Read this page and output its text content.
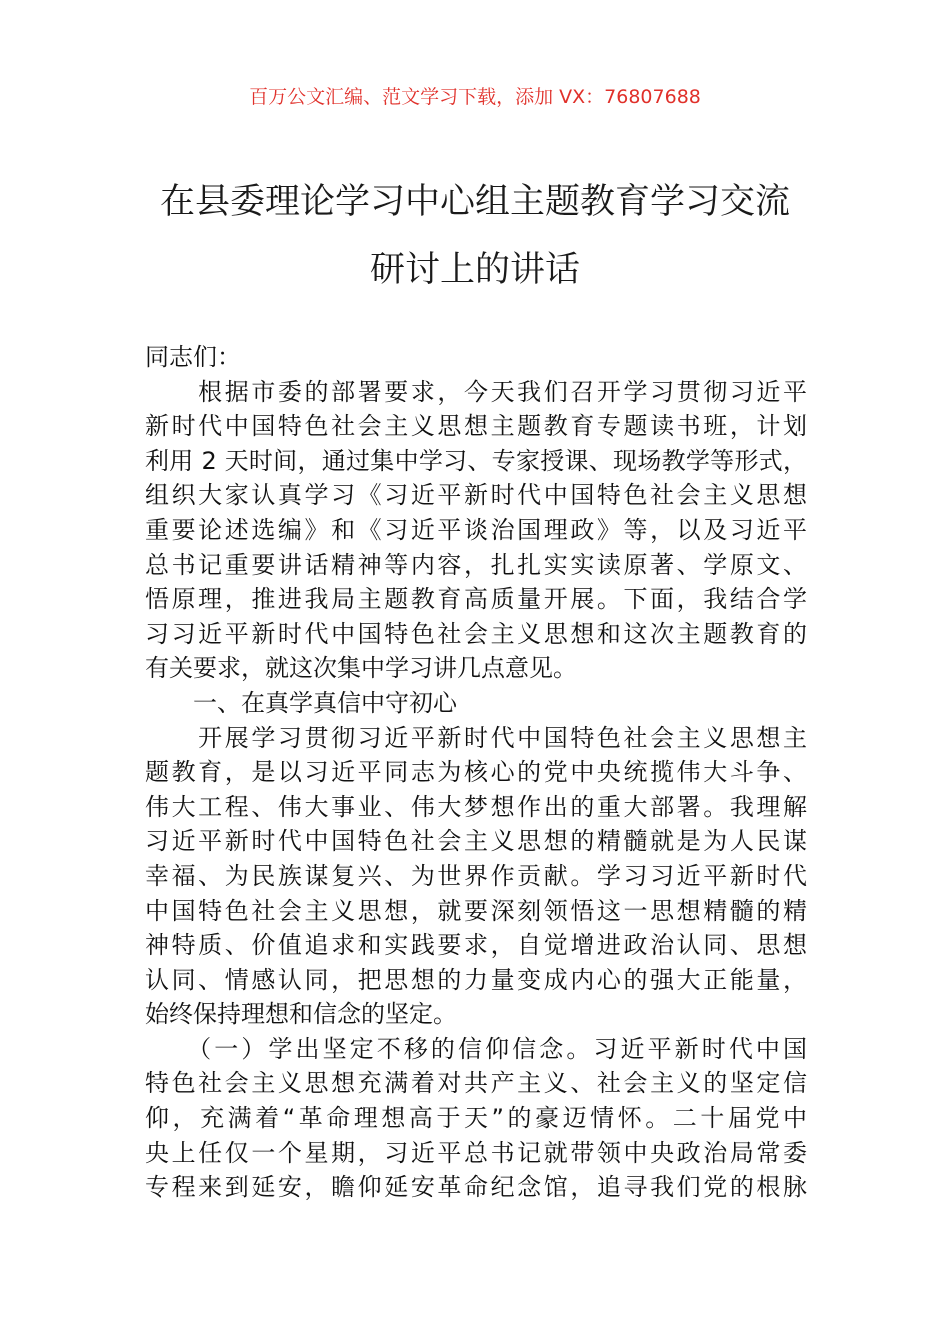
百万公文汇编、范文学习下载，添加 VX：76807688
在县委理论学习中心组主题教育学习交流
研讨上的讲话
同志们：
　　根据市委的部署要求，今天我们召开学习贯彻习近平
新时代中国特色社会主义思想主题教育专题读书班，计划
利用 2 天时间，通过集中学习、专家授课、现场教学等形式，
组织大家认真学习《习近平新时代中国特色社会主义思想
重要论述选编》和《习近平谈治国理政》等，以及习近平
总书记重要讲话精神等内容，扎扎实实读原著、学原文、
悟原理，推进我局主题教育高质量开展。下面，我结合学
习习近平新时代中国特色社会主义思想和这次主题教育的
有关要求，就这次集中学习讲几点意见。
　　一、在真学真信中守初心
　　开展学习贯彻习近平新时代中国特色社会主义思想主
题教育，是以习近平同志为核心的党中央统揽伟大斗争、
伟大工程、伟大事业、伟大梦想作出的重大部署。我理解
习近平新时代中国特色社会主义思想的精髓就是为人民谋
幸福、为民族谋复兴、为世界作贡献。学习习近平新时代
中国特色社会主义思想，就要深刻领悟这一思想精髓的精
神特质、价值追求和实践要求，自觉增进政治认同、思想
认同、情感认同，把思想的力量变成内心的强大正能量，
始终保持理想和信念的坚定。
　　（一）学出坚定不移的信仰信念。习近平新时代中国
特色社会主义思想充满着对共产主义、社会主义的坚定信
仰，充满着“革命理想高于天”的豪迈情怀。二十届党中
央上任仅一个星期，习近平总书记就带领中央政治局常委
专程来到延安，瞻仰延安革命纪念馆，追寻我们党的根脉
